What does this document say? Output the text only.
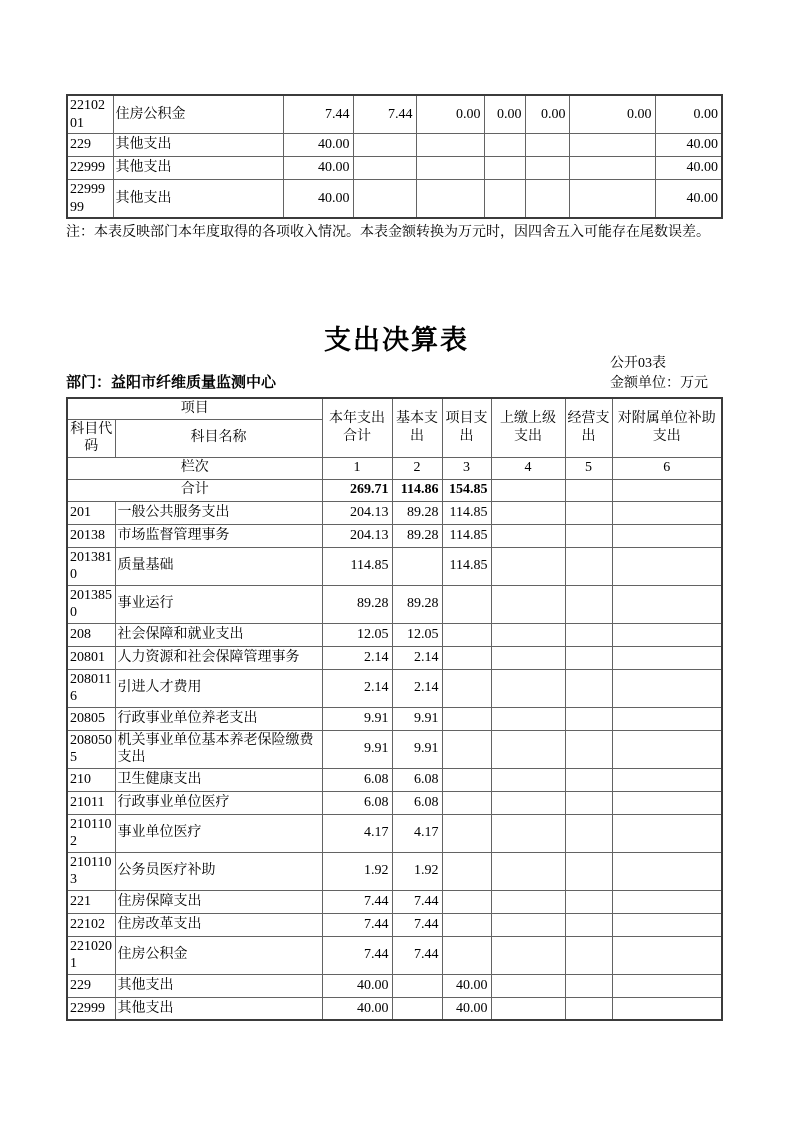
2210201	住房公积金	7.44	7.44	0.00	0.00	0.00	0.00	0.00
229	其他支出	40.00						40.00
22999	其他支出	40.00						40.00
2299999	其他支出	40.00						40.00
注：本表反映部门本年度取得的各项收入情况。本表金额转换为万元时，因四舍五入可能存在尾数误差。
支出决算表
公开03表
部门：益阳市纤维质量监测中心	金额单位：万元
项目		本年支出合计	基本支出	项目支出	上缴上级支出	经营支出	对附属单位补助支出
科目代码	科目名称						
栏次		1	2	3	4	5	6
合计		269.71	114.86	154.85			
201	一般公共服务支出	204.13	89.28	114.85			
20138	市场监督管理事务	204.13	89.28	114.85			
2013810	质量基础	114.85		114.85			
2013850	事业运行	89.28	89.28				
208	社会保障和就业支出	12.05	12.05				
20801	人力资源和社会保障管理事务	2.14	2.14				
2080116	引进人才费用	2.14	2.14				
20805	行政事业单位养老支出	9.91	9.91				
2080505	机关事业单位基本养老保险缴费支出	9.91	9.91				
210	卫生健康支出	6.08	6.08				
21011	行政事业单位医疗	6.08	6.08				
2101102	事业单位医疗	4.17	4.17				
2101103	公务员医疗补助	1.92	1.92				
221	住房保障支出	7.44	7.44				
22102	住房改革支出	7.44	7.44				
2210201	住房公积金	7.44	7.44				
229	其他支出	40.00		40.00			
22999	其他支出	40.00		40.00			
